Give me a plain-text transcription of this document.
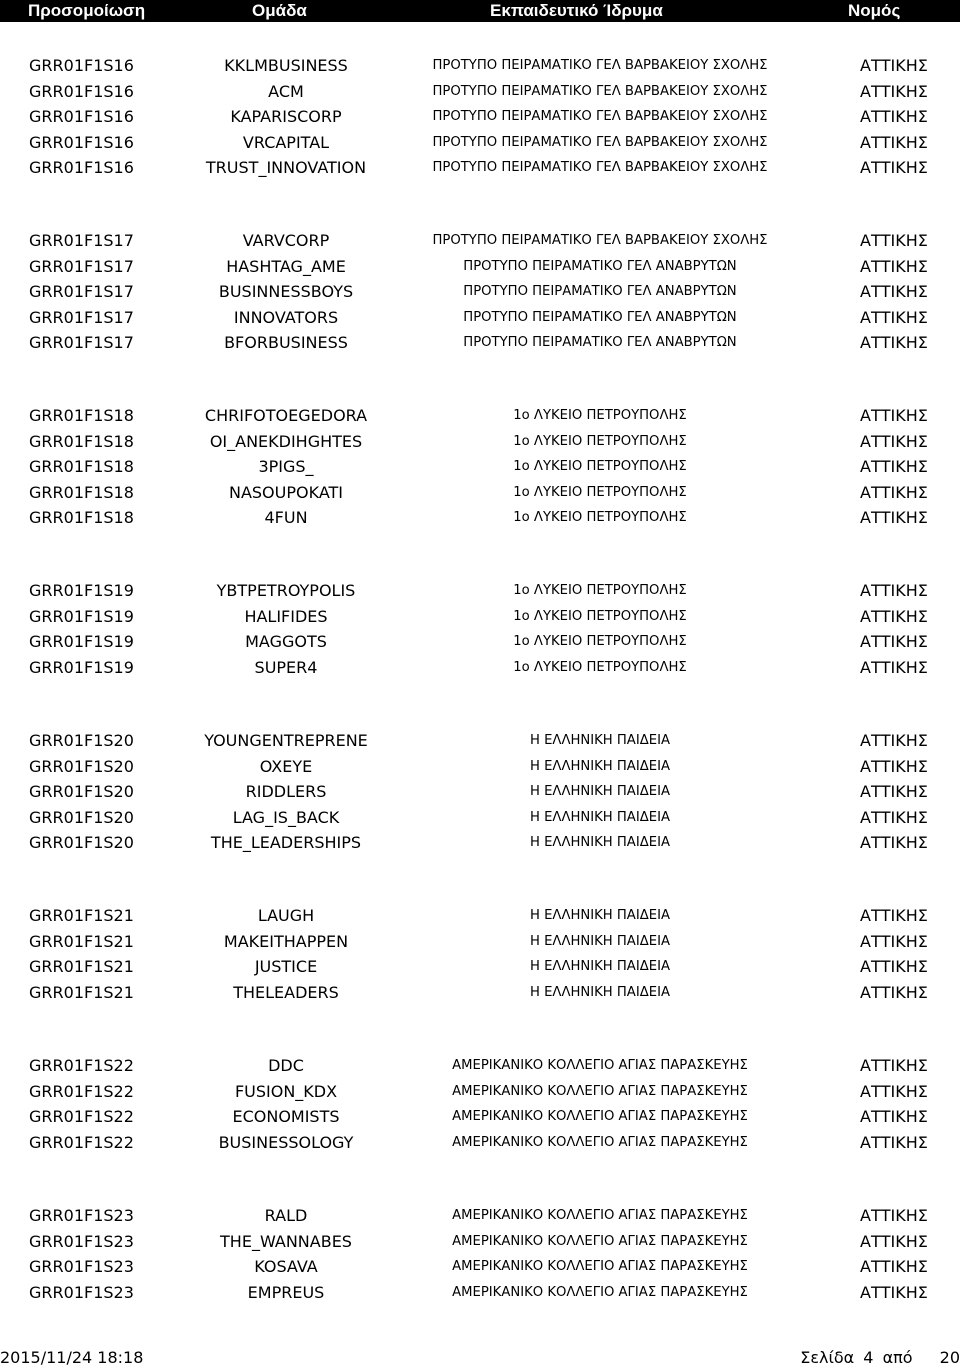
Προσομοίωση	Ομάδα	Εκπαιδευτικό Ίδρυμα	Νομός
GRR01F1S16	KKLMBUSINESS	ΠΡΟΤΥΠΟ ΠΕΙΡΑΜΑΤΙΚΟ ΓΕΛ ΒΑΡΒΑΚΕΙΟΥ ΣΧΟΛΗΣ	ΑΤΤΙΚΗΣ
GRR01F1S16	ACM	ΠΡΟΤΥΠΟ ΠΕΙΡΑΜΑΤΙΚΟ ΓΕΛ ΒΑΡΒΑΚΕΙΟΥ ΣΧΟΛΗΣ	ΑΤΤΙΚΗΣ
GRR01F1S16	KAPARISCORP	ΠΡΟΤΥΠΟ ΠΕΙΡΑΜΑΤΙΚΟ ΓΕΛ ΒΑΡΒΑΚΕΙΟΥ ΣΧΟΛΗΣ	ΑΤΤΙΚΗΣ
GRR01F1S16	VRCAPITAL	ΠΡΟΤΥΠΟ ΠΕΙΡΑΜΑΤΙΚΟ ΓΕΛ ΒΑΡΒΑΚΕΙΟΥ ΣΧΟΛΗΣ	ΑΤΤΙΚΗΣ
GRR01F1S16	TRUST_INNOVATION	ΠΡΟΤΥΠΟ ΠΕΙΡΑΜΑΤΙΚΟ ΓΕΛ ΒΑΡΒΑΚΕΙΟΥ ΣΧΟΛΗΣ	ΑΤΤΙΚΗΣ
GRR01F1S17	VARVCORP	ΠΡΟΤΥΠΟ ΠΕΙΡΑΜΑΤΙΚΟ ΓΕΛ ΒΑΡΒΑΚΕΙΟΥ ΣΧΟΛΗΣ	ΑΤΤΙΚΗΣ
GRR01F1S17	HASHTAG_AME	ΠΡΟΤΥΠΟ ΠΕΙΡΑΜΑΤΙΚΟ ΓΕΛ ΑΝΑΒΡΥΤΩΝ	ΑΤΤΙΚΗΣ
GRR01F1S17	BUSINNESSBOYS	ΠΡΟΤΥΠΟ ΠΕΙΡΑΜΑΤΙΚΟ ΓΕΛ ΑΝΑΒΡΥΤΩΝ	ΑΤΤΙΚΗΣ
GRR01F1S17	INNOVATORS	ΠΡΟΤΥΠΟ ΠΕΙΡΑΜΑΤΙΚΟ ΓΕΛ ΑΝΑΒΡΥΤΩΝ	ΑΤΤΙΚΗΣ
GRR01F1S17	BFORBUSINESS	ΠΡΟΤΥΠΟ ΠΕΙΡΑΜΑΤΙΚΟ ΓΕΛ ΑΝΑΒΡΥΤΩΝ	ΑΤΤΙΚΗΣ
GRR01F1S18	CHRIFOTOEGEDORA	1ο ΛΥΚΕΙΟ ΠΕΤΡΟΥΠΟΛΗΣ	ΑΤΤΙΚΗΣ
GRR01F1S18	OI_ANEKDIHGHTES	1ο ΛΥΚΕΙΟ ΠΕΤΡΟΥΠΟΛΗΣ	ΑΤΤΙΚΗΣ
GRR01F1S18	3PIGS_	1ο ΛΥΚΕΙΟ ΠΕΤΡΟΥΠΟΛΗΣ	ΑΤΤΙΚΗΣ
GRR01F1S18	NASOUPOKATI	1ο ΛΥΚΕΙΟ ΠΕΤΡΟΥΠΟΛΗΣ	ΑΤΤΙΚΗΣ
GRR01F1S18	4FUN	1ο ΛΥΚΕΙΟ ΠΕΤΡΟΥΠΟΛΗΣ	ΑΤΤΙΚΗΣ
GRR01F1S19	YBTPETROYPOLIS	1ο ΛΥΚΕΙΟ ΠΕΤΡΟΥΠΟΛΗΣ	ΑΤΤΙΚΗΣ
GRR01F1S19	HALIFIDES	1ο ΛΥΚΕΙΟ ΠΕΤΡΟΥΠΟΛΗΣ	ΑΤΤΙΚΗΣ
GRR01F1S19	MAGGOTS	1ο ΛΥΚΕΙΟ ΠΕΤΡΟΥΠΟΛΗΣ	ΑΤΤΙΚΗΣ
GRR01F1S19	SUPER4	1ο ΛΥΚΕΙΟ ΠΕΤΡΟΥΠΟΛΗΣ	ΑΤΤΙΚΗΣ
GRR01F1S20	YOUNGENTREPRENE	Η ΕΛΛΗΝΙΚΗ ΠΑΙΔΕΙΑ	ΑΤΤΙΚΗΣ
GRR01F1S20	OXEYE	Η ΕΛΛΗΝΙΚΗ ΠΑΙΔΕΙΑ	ΑΤΤΙΚΗΣ
GRR01F1S20	RIDDLERS	Η ΕΛΛΗΝΙΚΗ ΠΑΙΔΕΙΑ	ΑΤΤΙΚΗΣ
GRR01F1S20	LAG_IS_BACK	Η ΕΛΛΗΝΙΚΗ ΠΑΙΔΕΙΑ	ΑΤΤΙΚΗΣ
GRR01F1S20	THE_LEADERSHIPS	Η ΕΛΛΗΝΙΚΗ ΠΑΙΔΕΙΑ	ΑΤΤΙΚΗΣ
GRR01F1S21	LAUGH	Η ΕΛΛΗΝΙΚΗ ΠΑΙΔΕΙΑ	ΑΤΤΙΚΗΣ
GRR01F1S21	MAKEITHAPPEN	Η ΕΛΛΗΝΙΚΗ ΠΑΙΔΕΙΑ	ΑΤΤΙΚΗΣ
GRR01F1S21	JUSTICE	Η ΕΛΛΗΝΙΚΗ ΠΑΙΔΕΙΑ	ΑΤΤΙΚΗΣ
GRR01F1S21	THELEADERS	Η ΕΛΛΗΝΙΚΗ ΠΑΙΔΕΙΑ	ΑΤΤΙΚΗΣ
GRR01F1S22	DDC	ΑΜΕΡΙΚΑΝΙΚΟ ΚΟΛΛΕΓΙΟ ΑΓΙΑΣ ΠΑΡΑΣΚΕΥΗΣ	ΑΤΤΙΚΗΣ
GRR01F1S22	FUSION_KDX	ΑΜΕΡΙΚΑΝΙΚΟ ΚΟΛΛΕΓΙΟ ΑΓΙΑΣ ΠΑΡΑΣΚΕΥΗΣ	ΑΤΤΙΚΗΣ
GRR01F1S22	ECONOMISTS	ΑΜΕΡΙΚΑΝΙΚΟ ΚΟΛΛΕΓΙΟ ΑΓΙΑΣ ΠΑΡΑΣΚΕΥΗΣ	ΑΤΤΙΚΗΣ
GRR01F1S22	BUSINESSOLOGY	ΑΜΕΡΙΚΑΝΙΚΟ ΚΟΛΛΕΓΙΟ ΑΓΙΑΣ ΠΑΡΑΣΚΕΥΗΣ	ΑΤΤΙΚΗΣ
GRR01F1S23	RALD	ΑΜΕΡΙΚΑΝΙΚΟ ΚΟΛΛΕΓΙΟ ΑΓΙΑΣ ΠΑΡΑΣΚΕΥΗΣ	ΑΤΤΙΚΗΣ
GRR01F1S23	THE_WANNABES	ΑΜΕΡΙΚΑΝΙΚΟ ΚΟΛΛΕΓΙΟ ΑΓΙΑΣ ΠΑΡΑΣΚΕΥΗΣ	ΑΤΤΙΚΗΣ
GRR01F1S23	KOSAVA	ΑΜΕΡΙΚΑΝΙΚΟ ΚΟΛΛΕΓΙΟ ΑΓΙΑΣ ΠΑΡΑΣΚΕΥΗΣ	ΑΤΤΙΚΗΣ
GRR01F1S23	EMPREUS	ΑΜΕΡΙΚΑΝΙΚΟ ΚΟΛΛΕΓΙΟ ΑΓΙΑΣ ΠΑΡΑΣΚΕΥΗΣ	ΑΤΤΙΚΗΣ
2015/11/24 18:18	Σελίδα 4 από 20
